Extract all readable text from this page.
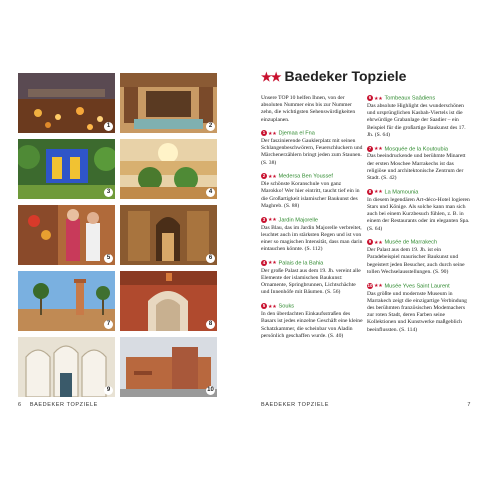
1	2
3	4
5	6
7	8
9	10
6 BAEDEKER TOPZIELE
★★ Baedeker Topziele

Unsere TOP 10 helfen Ihnen, von der absoluten Nummer eins bis zur Nummer zehn, die wichtigsten Sehenswürdigkeiten einzuplanen.

1 ★★ Djemaa el Fna
Der faszinierende Gauklerplatz mit seinen Schlangenbeschwörern, Feuerschluckern und Märchenerzählern bringt jeden zum Staunen. (S. 38)
2 ★★ Medersa Ben Youssef
Die schönste Koranschule von ganz Marokko! Wer hier eintritt, taucht tief ein in die Großartigkeit islamischer Baukunst des Maghreb. (S. 88)
3 ★★ Jardin Majorelle
Das Blau, das im Jardin Majorelle verbreitet, leuchtet auch im stärksten Regen und ist von einer so magischen Intensität, dass man darin eintauchen könnte. (S. 112)
4 ★★ Palais de la Bahia
Der große Palast aus dem 19. Jh. vereint alle Elemente der islamischen Baukunst: Ornamente, Springbrunnen, Lichtschächte und Innenhöfe mit Bäumen. (S. 56)
5 ★★ Souks
In den überdachten Einkaufsstraßen des Basars ist jedes einzelne Geschäft eine kleine Schatzkammer, die scheinbar von Aladin persönlich geschaffen wurde. (S. 40)
6 ★★ Tombeaux Saâdiens
Das absolute Highlight des wunderschönen und ursprünglichen Kasbah-Viertels ist die ehrwürdige Grabanlage der Saadier – ein Beispiel für die großartige Baukunst des 17. Jh. (S. 64)
7 ★★ Mosquée de la Koutoubia
Das beeindruckende und berühmte Minarett der ersten Moschee Marrakechs ist das religiöse und architektonische Zentrum der Stadt. (S. 42)
8 ★★ La Mamounia
In diesem legendären Art-déco-Hotel logieren Stars und Könige. Als solche kann man sich auch bei einem Kurzbesuch fühlen, z. B. in einem der Restaurants oder im eleganten Spa. (S. 64)
9 ★★ Musée de Marrakech
Der Palast aus dem 19. Jh. ist ein Paradebeispiel maurischer Baukunst und begeistert jeden Besucher, auch durch seine tollen Wechselausstellungen. (S. 90)
10 ★★ Musée Yves Saint Laurent
Das größte und modernste Museum in Marrakech zeigt die einzigartige Verbindung des berühmten französischen Modemachers zur roten Stadt, deren Farben seine Kollektionen und Kunstwerke maßgeblich beeinflussten. (S. 114)
BAEDEKER TOPZIELE	7
